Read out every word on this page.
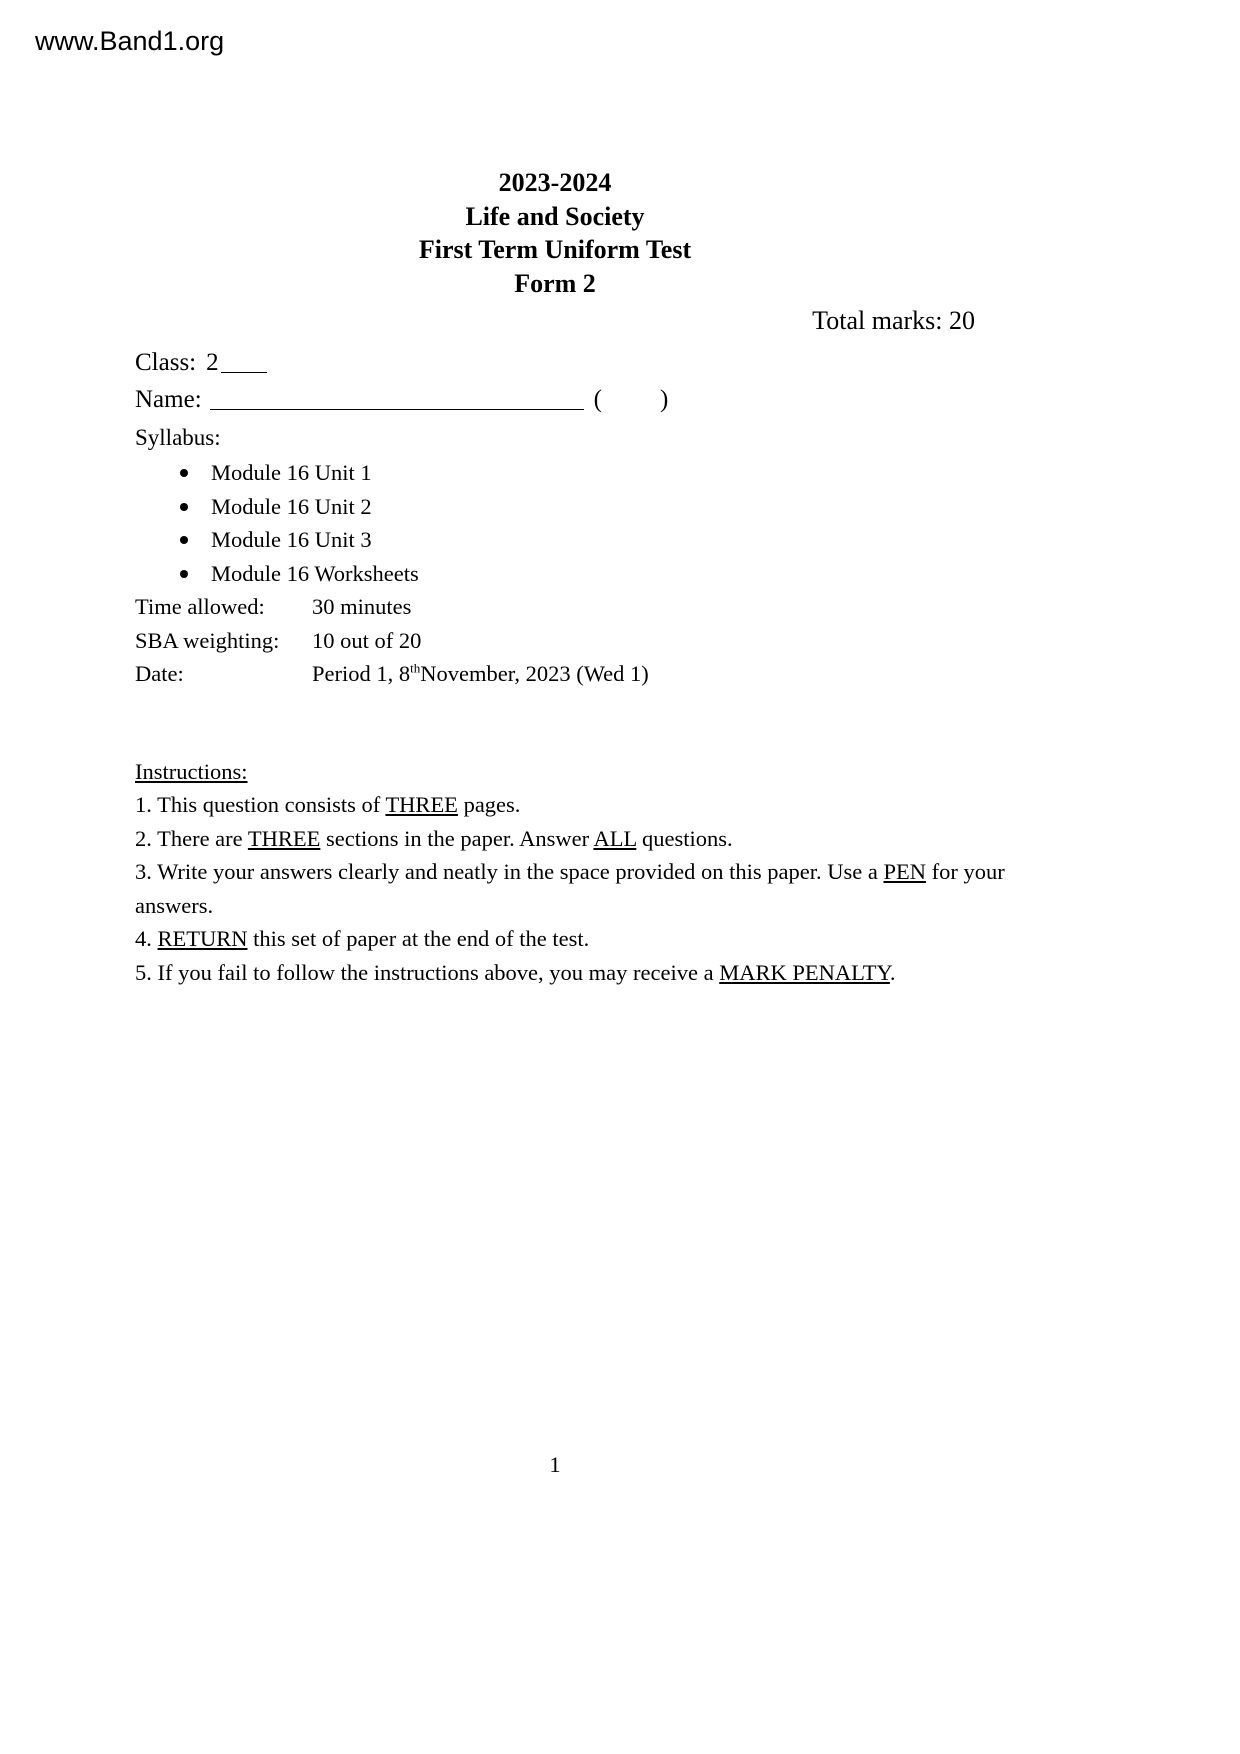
www.Band1.org
2023-2024
Life and Society
First Term Uniform Test
Form 2
Total marks: 20
Class: 2
Name:	( )
Syllabus:
Module 16 Unit 1
Module 16 Unit 2
Module 16 Unit 3
Module 16 Worksheets
Time allowed:	30 minutes
SBA weighting:	10 out of 20
Date:	Period 1, 8thNovember, 2023 (Wed 1)
Instructions:
1. This question consists of THREE pages.
2. There are THREE sections in the paper. Answer ALL questions.
3. Write your answers clearly and neatly in the space provided on this paper. Use a PEN for your answers.
4. RETURN this set of paper at the end of the test.
5. If you fail to follow the instructions above, you may receive a MARK PENALTY.
1
